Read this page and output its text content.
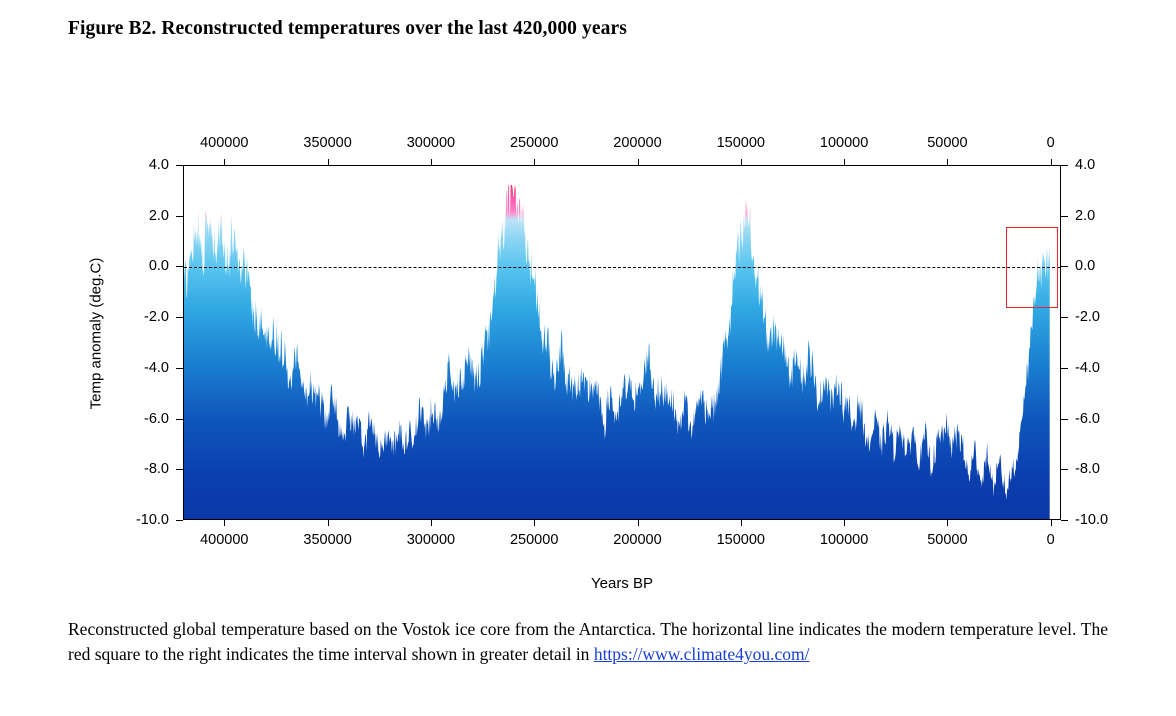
Figure B2. Reconstructed temperatures over the last 420,000 years
Temp anomaly (deg.C)
Years BP
400000
400000
350000
350000
300000
300000
250000
250000
200000
200000
150000
150000
100000
100000
50000
50000
0
0
4.0	4.0
2.0	2.0
0.0	0.0
-2.0	-2.0
-4.0	-4.0
-6.0	-6.0
-8.0	-8.0
-10.0	-10.0
Reconstructed global temperature based on the Vostok ice core from the Antarctica. The horizontal line indicates the modern temperature level. The red square to the right indicates the time interval shown in greater detail in https://www.climate4you.com/
